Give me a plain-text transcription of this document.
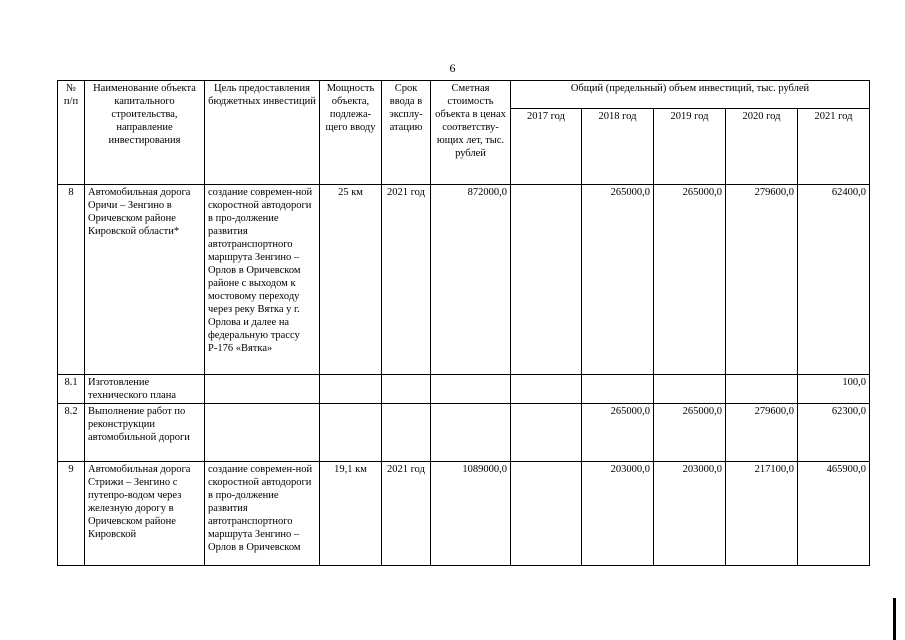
6
№ п/п	Наименование объекта капитального строительства, направление инвестирования	Цель предоставления бюджетных инвестиций	Мощность объекта, подлежа-щего вводу	Срок ввода в эксплу-атацию	Сметная стоимость объекта в ценах соответству-ющих лет, тыс. рублей	Общий (предельный) объем инвестиций, тыс. рублей				
						2017 год	2018 год	2019 год	2020 год	2021 год
8	Автомобильная дорога Оричи – Зенгино в Оричевском районе Кировской области*	создание современ-ной скоростной автодороги в про-должение развития автотранспортного маршрута Зенгино – Орлов в Оричевском районе с выходом к мостовому переходу через реку Вятка у г. Орлова и далее на федеральную трассу Р-176 «Вятка»	25 км	2021 год	872000,0		265000,0	265000,0	279600,0	62400,0
8.1	Изготовление технического плана									100,0
8.2	Выполнение работ по реконструкции автомобильной дороги						265000,0	265000,0	279600,0	62300,0
9	Автомобильная дорога Стрижи – Зенгино с путепро-водом через железную дорогу в Оричевском районе Кировской	создание современ-ной скоростной автодороги в про-должение развития автотранспортного маршрута Зенгино – Орлов в Оричевском	19,1 км	2021 год	1089000,0		203000,0	203000,0	217100,0	465900,0
